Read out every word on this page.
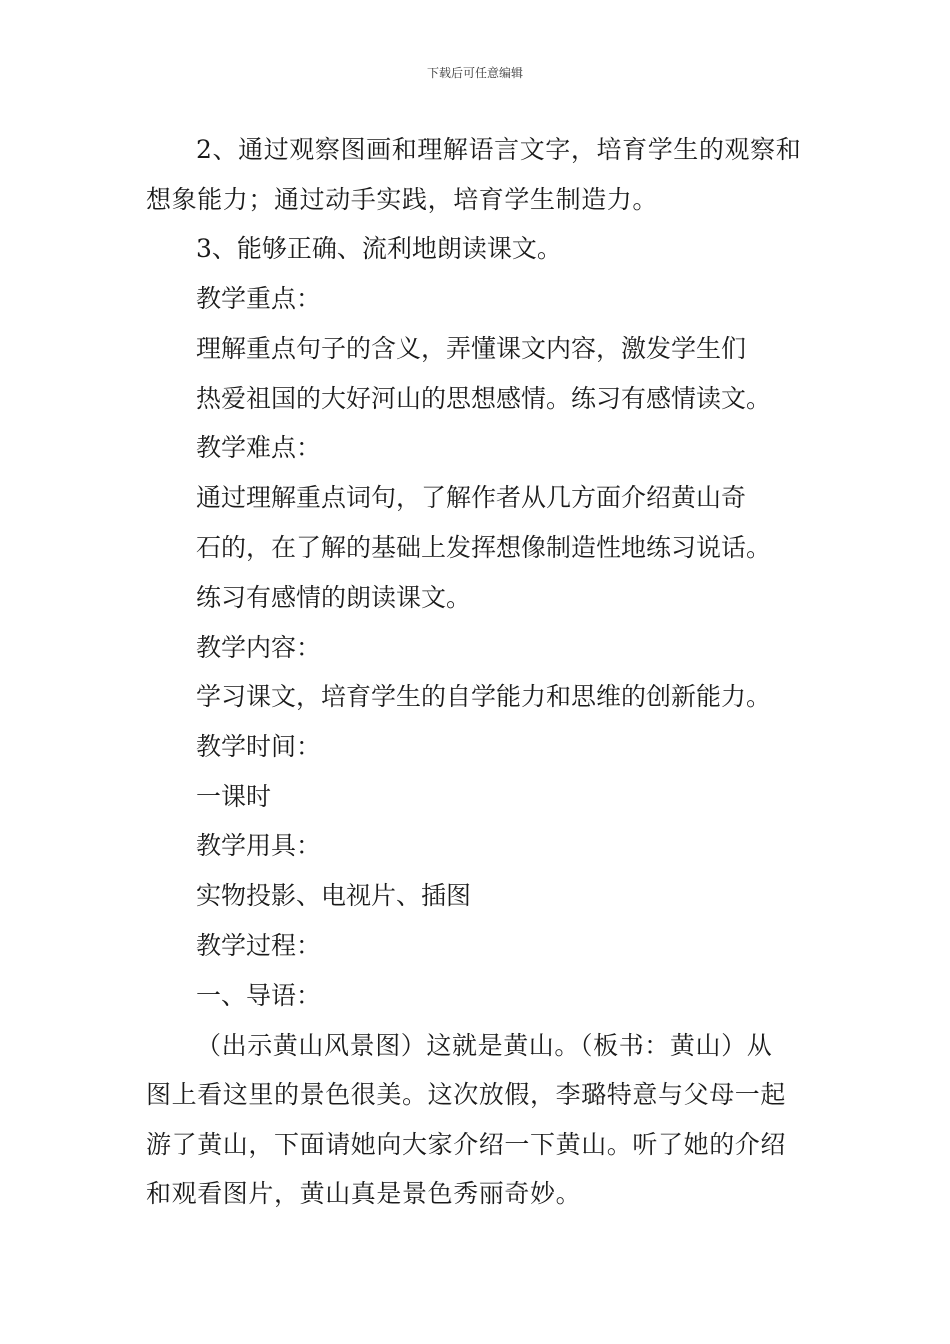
下载后可任意编辑
2、通过观察图画和理解语言文字，培育学生的观察和
想象能力；通过动手实践，培育学生制造力。
3、能够正确、流利地朗读课文。
教学重点：
理解重点句子的含义，弄懂课文内容，激发学生们
热爱祖国的大好河山的思想感情。练习有感情读文。
教学难点：
通过理解重点词句，了解作者从几方面介绍黄山奇
石的，在了解的基础上发挥想像制造性地练习说话。
练习有感情的朗读课文。
教学内容：
学习课文，培育学生的自学能力和思维的创新能力。
教学时间：
一课时
教学用具：
实物投影、电视片、插图
教学过程：
一、导语：
（出示黄山风景图）这就是黄山。（板书：黄山）从
图上看这里的景色很美。这次放假，李璐特意与父母一起
游了黄山，下面请她向大家介绍一下黄山。听了她的介绍
和观看图片，黄山真是景色秀丽奇妙。
